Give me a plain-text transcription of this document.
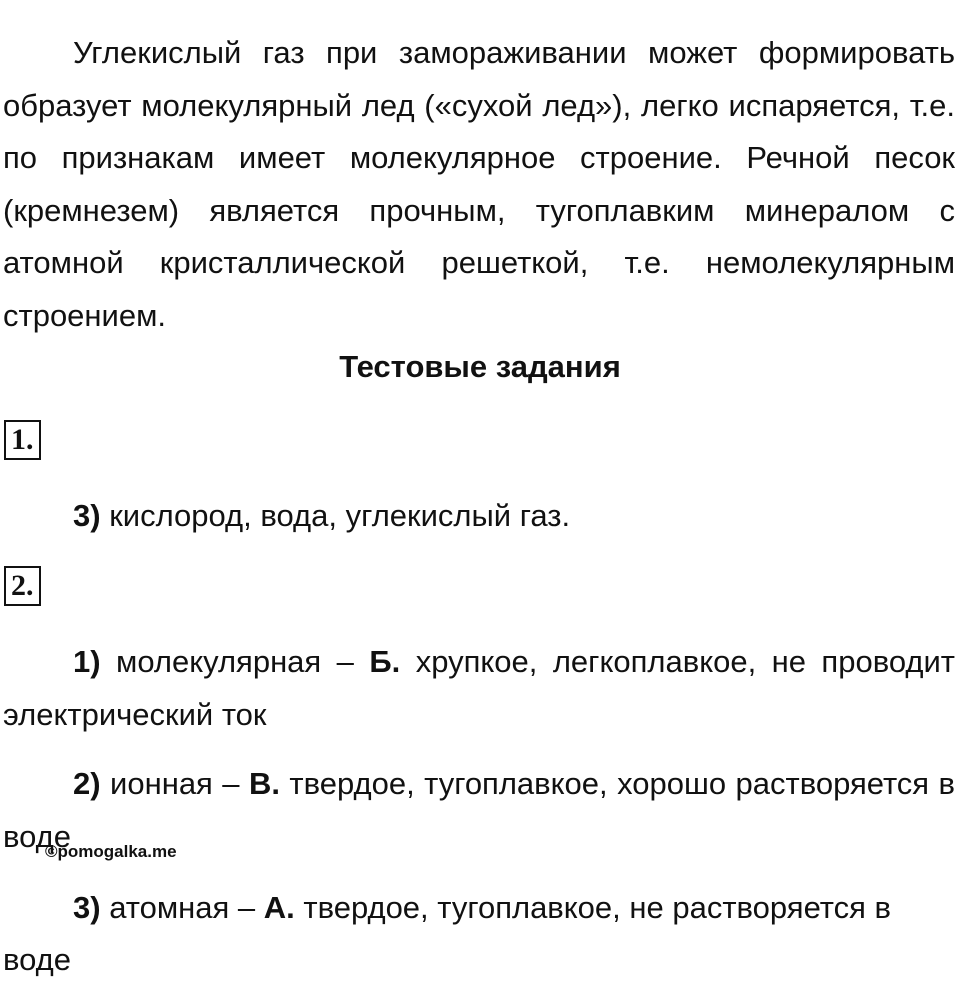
Углекислый газ при замораживании может формировать образует молекулярный лед («сухой лед»), легко испаряется, т.е. по признакам имеет молекулярное строение. Речной песок (кремнезем) является прочным, тугоплавким минералом с атомной кристаллической решеткой, т.е. немолекулярным строением.

Тестовые задания
1.

3) кислород, вода, углекислый газ.

2.

1) молекулярная – Б. хрупкое, легкоплавкое, не проводит электрический ток

2) ионная – В. твердое, тугоплавкое, хорошо растворяется в воде

©pomogalka.me

3) атомная – А. твердое, тугоплавкое, не растворяется в

воде
